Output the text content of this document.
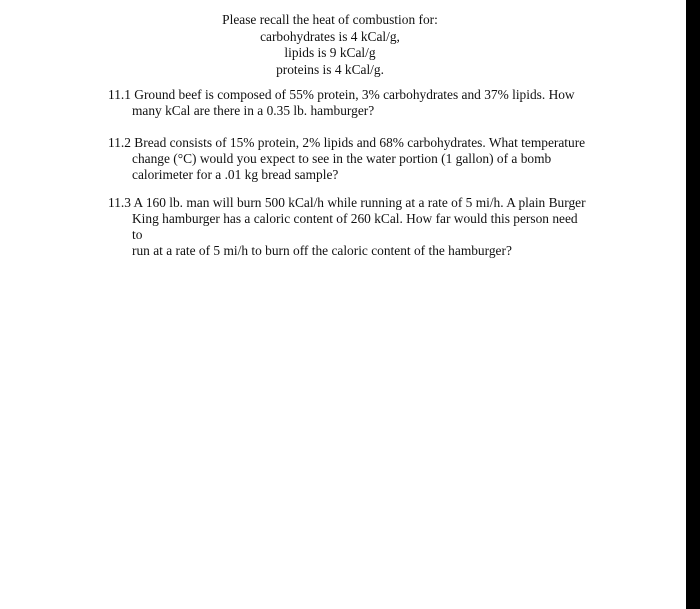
Please recall the heat of combustion for:
carbohydrates is 4 kCal/g,
lipids is 9 kCal/g
proteins is 4 kCal/g.
11.1 Ground beef is composed of 55% protein, 3% carbohydrates and 37% lipids. How
many kCal are there in a 0.35 lb. hamburger?
11.2 Bread consists of 15% protein, 2% lipids and 68% carbohydrates. What temperature
change (°C) would you expect to see in the water portion (1 gallon) of a bomb
calorimeter for a .01 kg bread sample?
11.3 A 160 lb. man will burn 500 kCal/h while running at a rate of 5 mi/h. A plain Burger
King hamburger has a caloric content of 260 kCal. How far would this person need to
run at a rate of 5 mi/h to burn off the caloric content of the hamburger?
